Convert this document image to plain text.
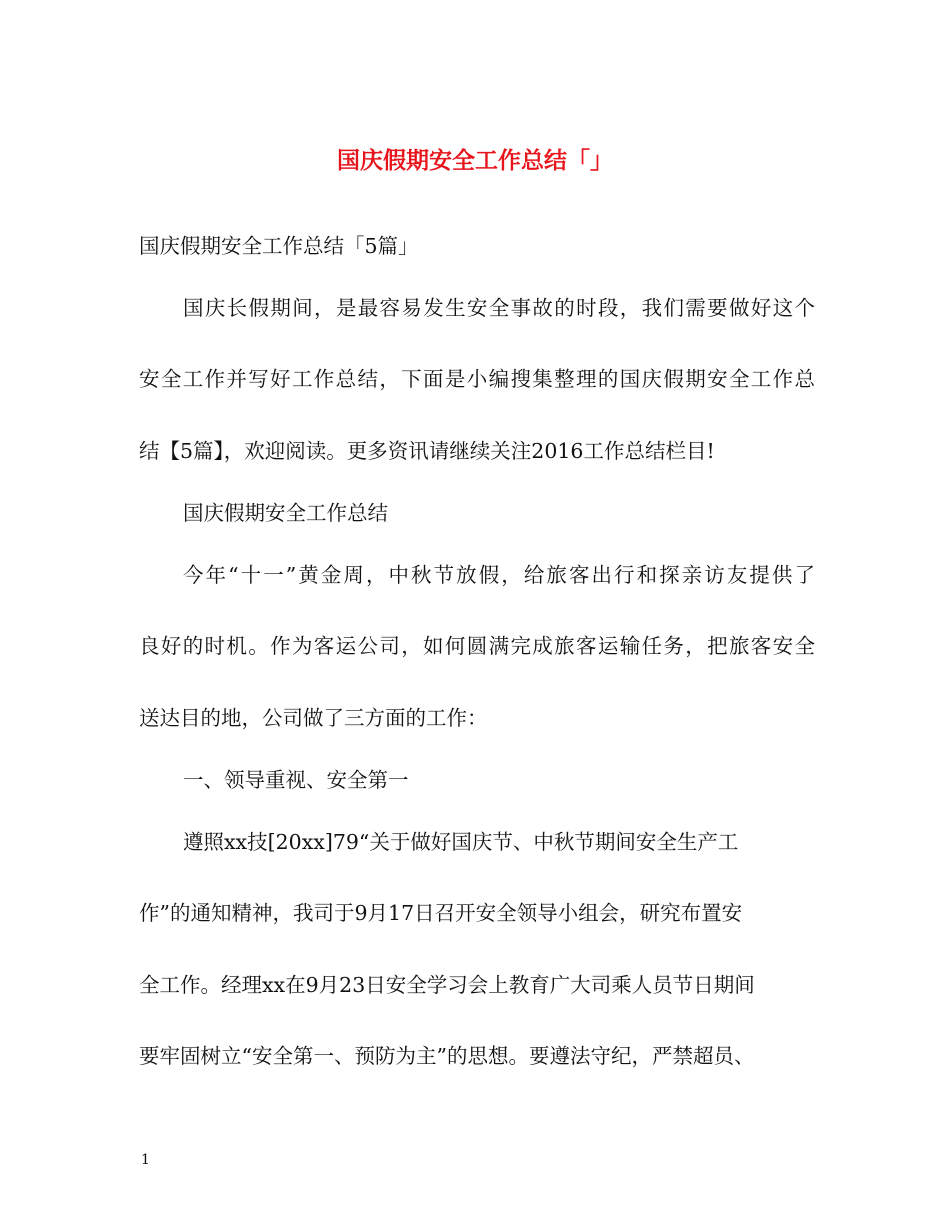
国庆假期安全工作总结「」

国庆假期安全工作总结「5篇」

国庆长假期间，是最容易发生安全事故的时段，我们需要做好这个

安全工作并写好工作总结，下面是小编搜集整理的国庆假期安全工作总

结【5篇】，欢迎阅读。更多资讯请继续关注2016工作总结栏目!

国庆假期安全工作总结

今年“十一”黄金周，中秋节放假，给旅客出行和探亲访友提供了

良好的时机。作为客运公司，如何圆满完成旅客运输任务，把旅客安全

送达目的地，公司做了三方面的工作：

一、领导重视、安全第一

遵照xx技[20xx]79“关于做好国庆节、中秋节期间安全生产工

作”的通知精神，我司于9月17日召开安全领导小组会，研究布置安

全工作。经理xx在9月23日安全学习会上教育广大司乘人员节日期间

要牢固树立“安全第一、预防为主”的思想。要遵法守纪，严禁超员、

1
